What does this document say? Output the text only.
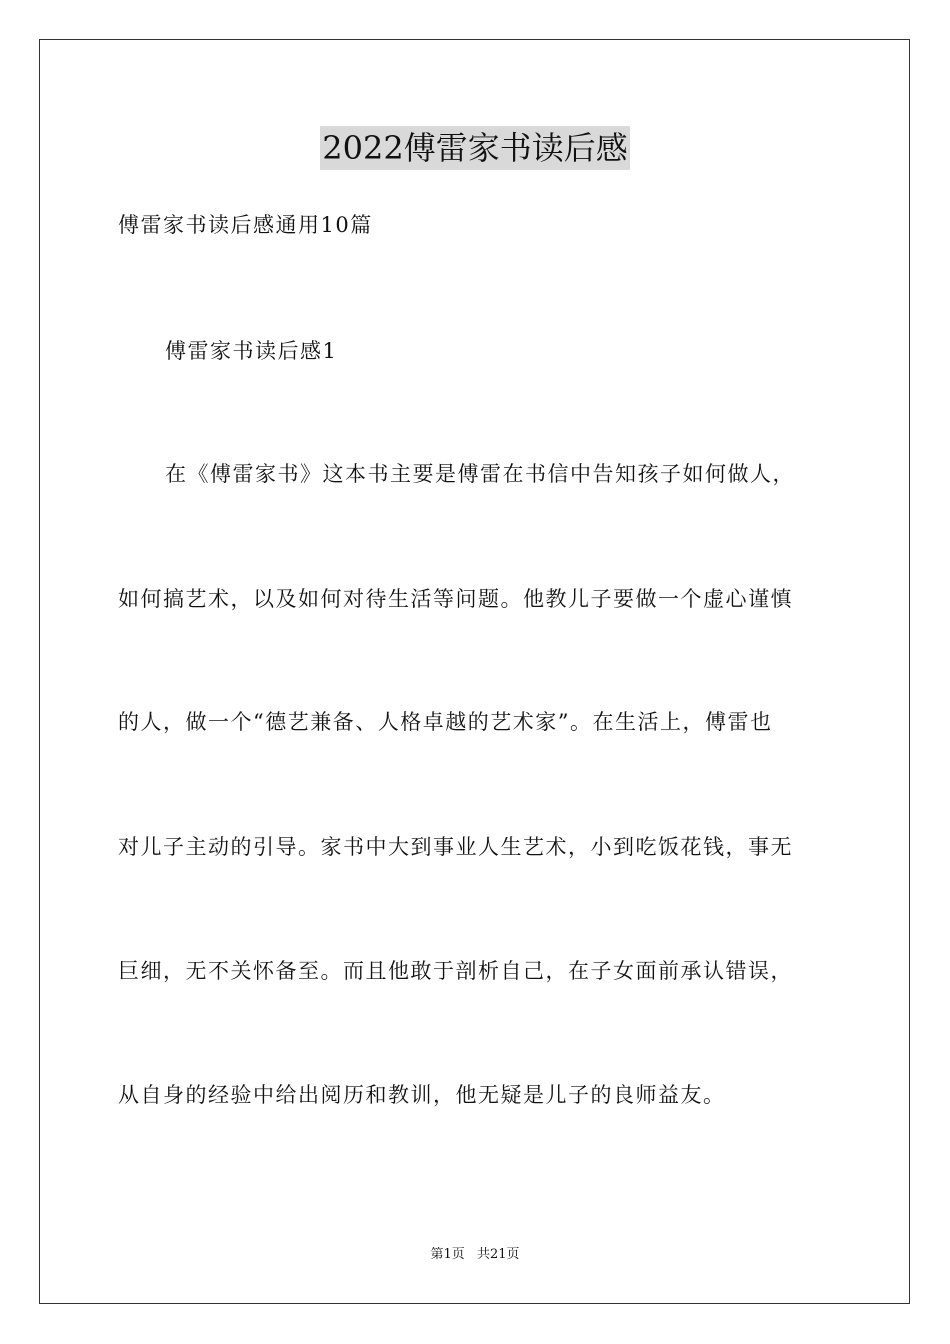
2022傅雷家书读后感
傅雷家书读后感通用10篇
傅雷家书读后感1
在《傅雷家书》这本书主要是傅雷在书信中告知孩子如何做人，
如何搞艺术，以及如何对待生活等问题。他教儿子要做一个虚心谨慎
的人，做一个“德艺兼备、人格卓越的艺术家”。在生活上，傅雷也
对儿子主动的引导。家书中大到事业人生艺术，小到吃饭花钱，事无
巨细，无不关怀备至。而且他敢于剖析自己，在子女面前承认错误，
从自身的经验中给出阅历和教训，他无疑是儿子的良师益友。
第1页 共21页
